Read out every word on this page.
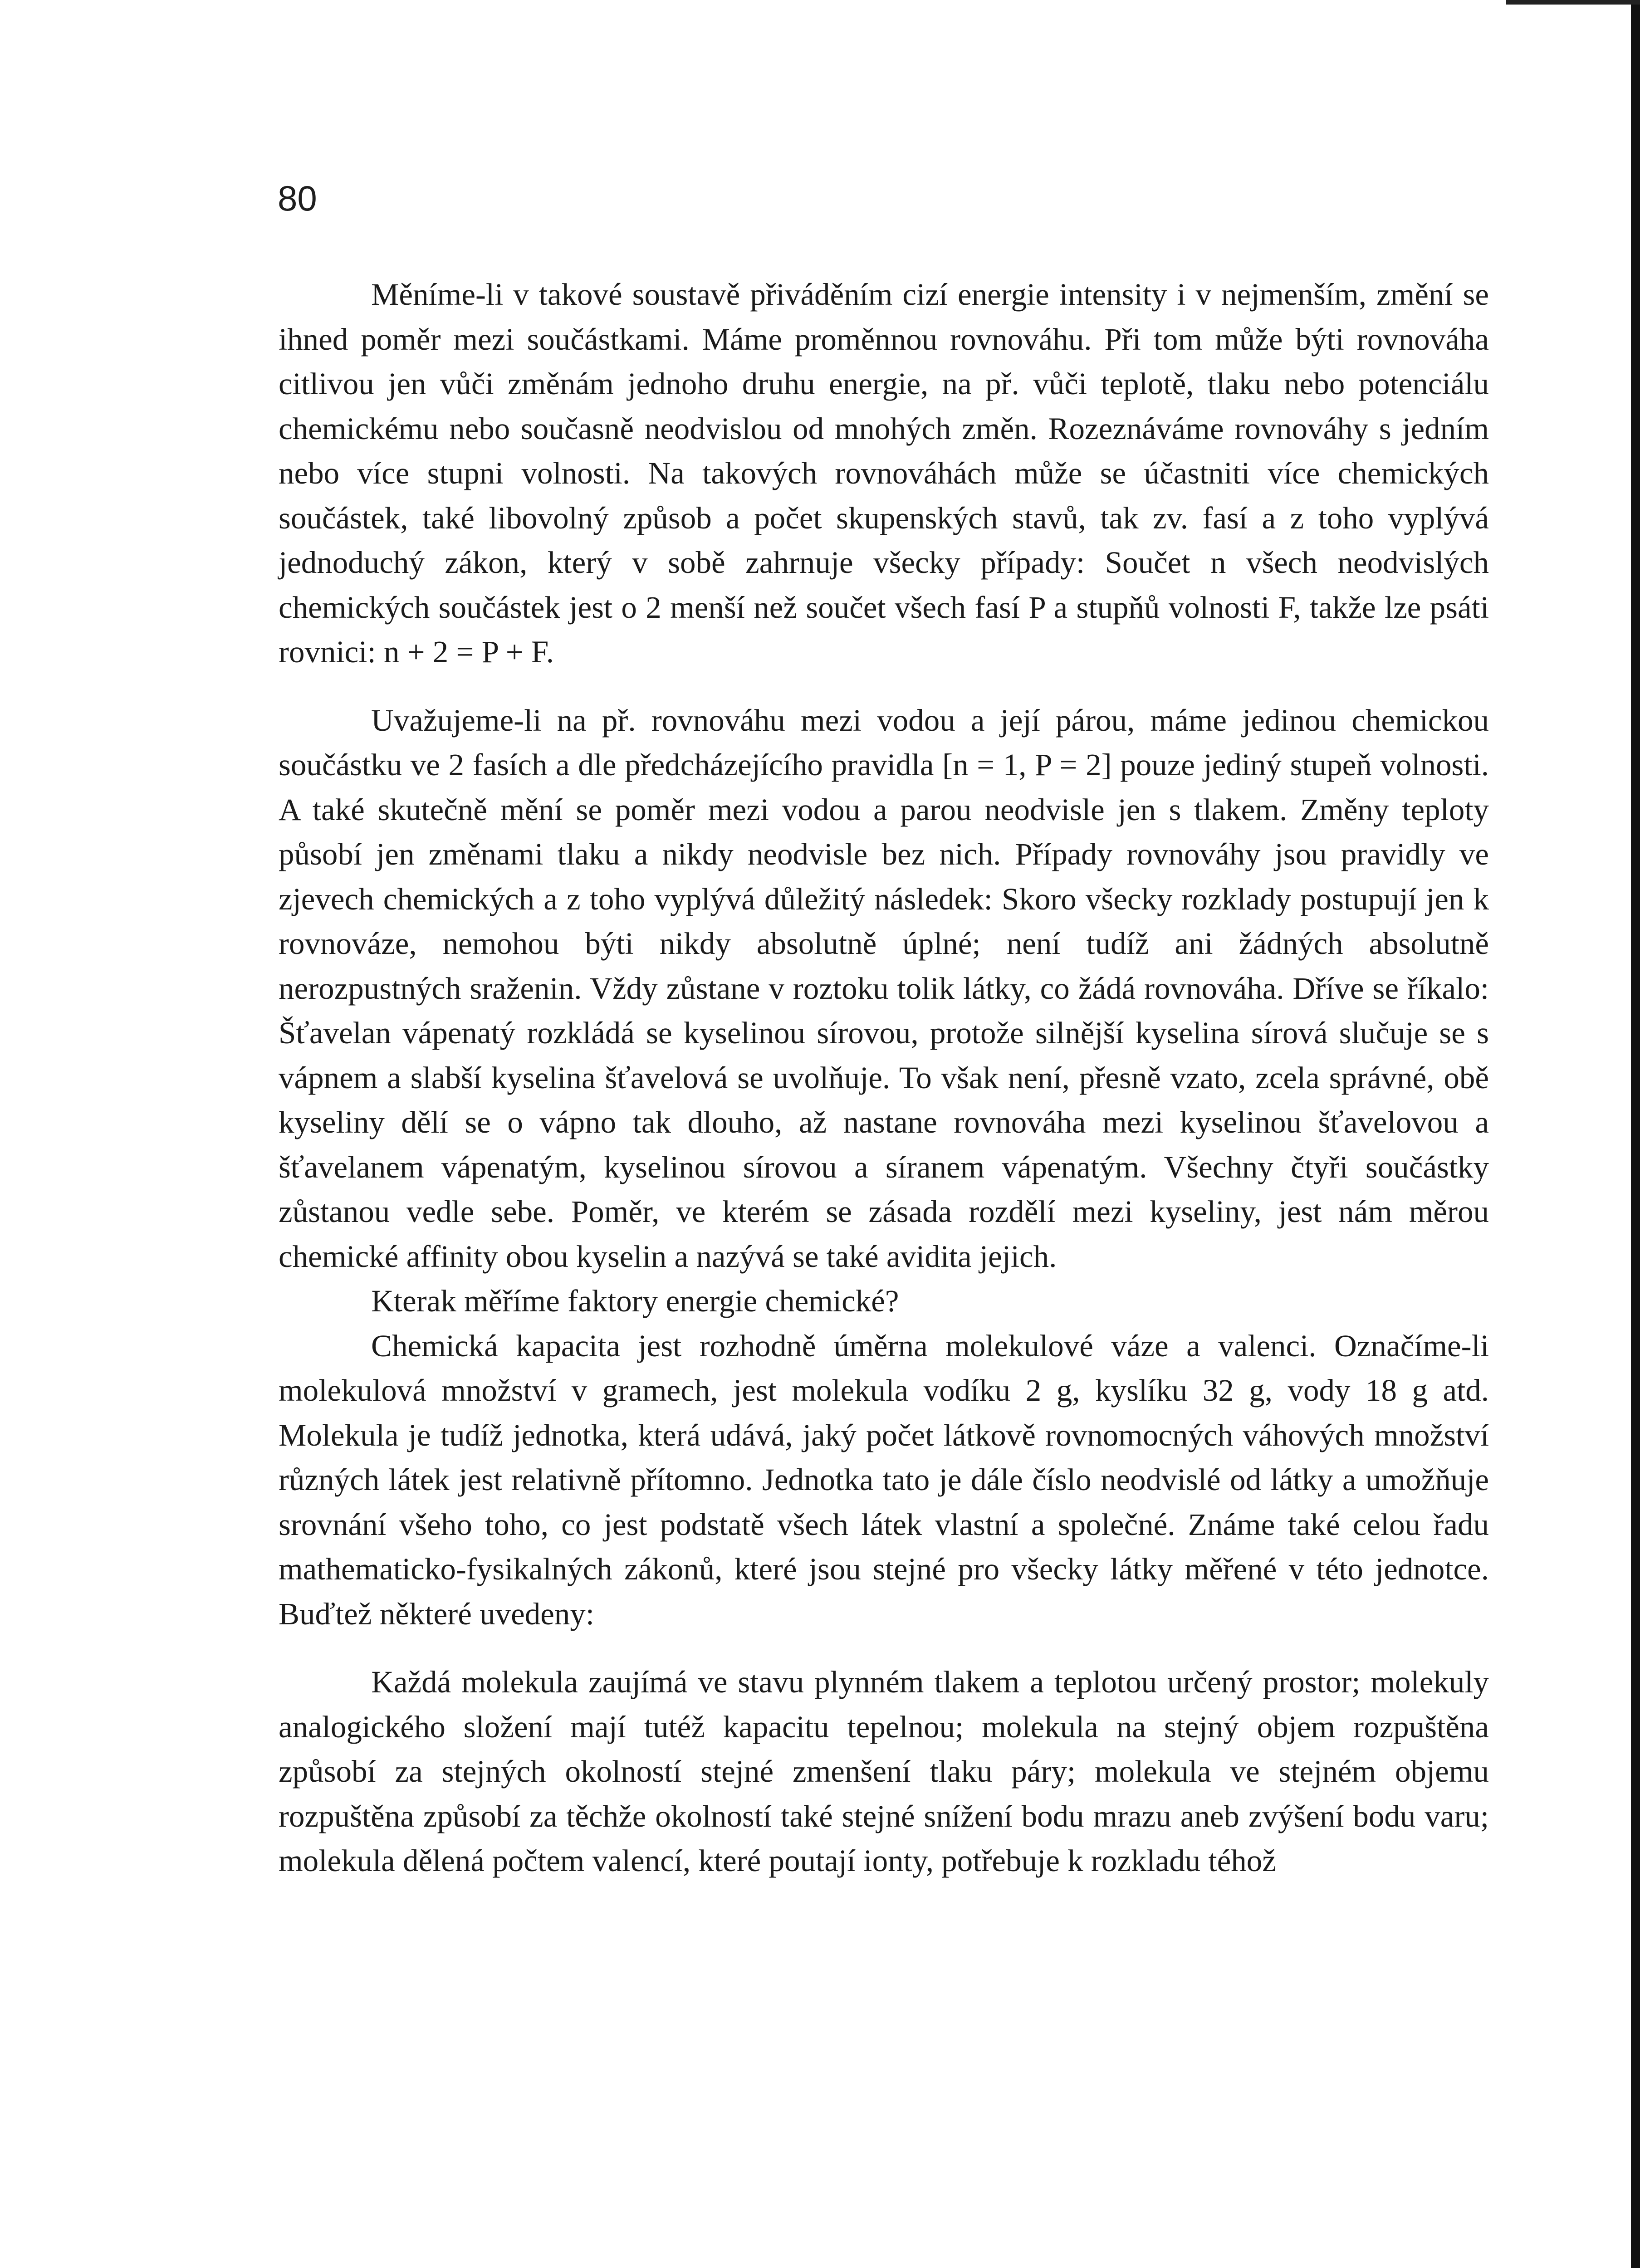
80

Měníme-li v takové soustavě přiváděním cizí energie intensity i v nejmenším, změní se ihned poměr mezi součástkami. Máme proměnnou rovnováhu. Při tom může býti rovnováha citlivou jen vůči změnám jednoho druhu energie, na př. vůči teplotě, tlaku nebo potenciálu chemickému nebo současně neodvislou od mnohých změn. Rozeznáváme rovnováhy s jedním nebo více stupni volnosti. Na takových rovnováhách může se účastniti více chemických součástek, také libovolný způsob a počet skupenských stavů, tak zv. fasí a z toho vyplývá jednoduchý zákon, který v sobě zahrnuje všecky případy: Součet n všech neodvislých chemických součástek jest o 2 menší než součet všech fasí P a stupňů volnosti F, takže lze psáti rovnici: n + 2 = P + F.

Uvažujeme-li na př. rovnováhu mezi vodou a její párou, máme jedinou chemickou součástku ve 2 fasích a dle předcházejícího pravidla [n = 1, P = 2] pouze jediný stupeň volnosti. A také skutečně mění se poměr mezi vodou a parou neodvisle jen s tlakem. Změny teploty působí jen změnami tlaku a nikdy neodvisle bez nich. Případy rovnováhy jsou pravidly ve zjevech chemických a z toho vyplývá důležitý následek: Skoro všecky rozklady postupují jen k rovnováze, nemohou býti nikdy absolutně úplné; není tudíž ani žádných absolutně nerozpustných sraženin. Vždy zůstane v roztoku tolik látky, co žádá rovnováha. Dříve se říkalo: Šťavelan vápenatý rozkládá se kyselinou sírovou, protože silnější kyselina sírová slučuje se s vápnem a slabší kyselina šťavelová se uvolňuje. To však není, přesně vzato, zcela správné, obě kyseliny dělí se o vápno tak dlouho, až nastane rovnováha mezi kyselinou šťavelovou a šťavelanem vápenatým, kyselinou sírovou a síranem vápenatým. Všechny čtyři součástky zůstanou vedle sebe. Poměr, ve kterém se zásada rozdělí mezi kyseliny, jest nám měrou chemické affinity obou kyselin a nazývá se také avidita jejich.

Kterak měříme faktory energie chemické?

Chemická kapacita jest rozhodně úměrna molekulové váze a valenci. Označíme-li molekulová množství v gramech, jest molekula vodíku 2 g, kyslíku 32 g, vody 18 g atd. Molekula je tudíž jednotka, která udává, jaký počet látkově rovnomocných váhových množství různých látek jest relativně přítomno. Jednotka tato je dále číslo neodvislé od látky a umožňuje srovnání všeho toho, co jest podstatě všech látek vlastní a společné. Známe také celou řadu mathematicko-fysikalných zákonů, které jsou stejné pro všecky látky měřené v této jednotce. Buďtež některé uvedeny:

Každá molekula zaujímá ve stavu plynném tlakem a teplotou určený prostor; molekuly analogického složení mají tutéž kapacitu tepelnou; molekula na stejný objem rozpuštěna způsobí za stejných okolností stejné zmenšení tlaku páry; molekula ve stejném objemu rozpuštěna způsobí za těchže okolností také stejné snížení bodu mrazu aneb zvýšení bodu varu; molekula dělená počtem valencí, které poutají ionty, potřebuje k rozkladu téhož
